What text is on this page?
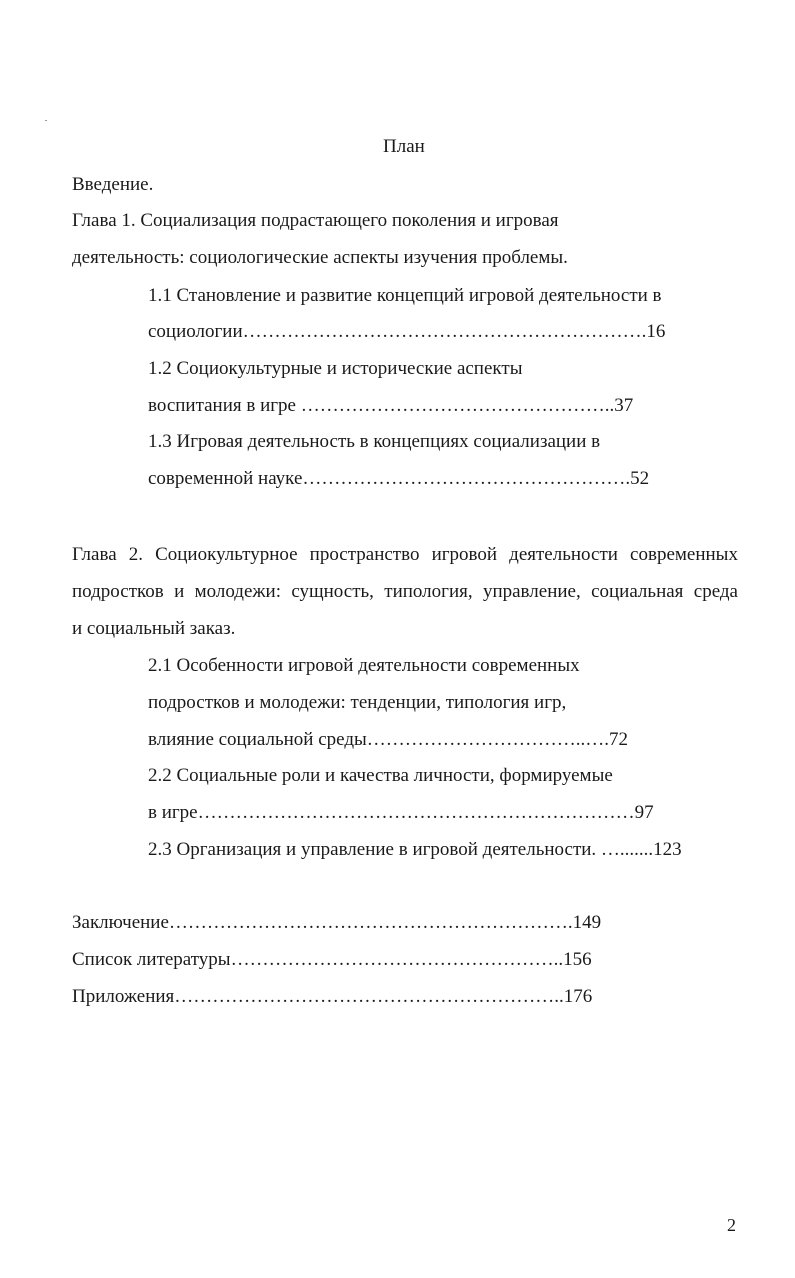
План
Введение.
Глава 1. Социализация подрастающего поколения и игровая
деятельность: социологические аспекты изучения проблемы.
1.1 Становление и развитие концепций игровой деятельности в
социологии……………………………………………………….16
1.2 Социокультурные и исторические аспекты
воспитания в игре …………………………………………..37
1.3 Игровая деятельность в концепциях социализации в
современной науке…………………………………………….52
Глава 2. Социокультурное пространство игровой деятельности современных
подростков и молодежи: сущность, типология, управление, социальная среда
и социальный заказ.
2.1 Особенности игровой деятельности современных
подростков и молодежи: тенденции, типология игр,
влияние социальной среды……………………………..….72
2.2 Социальные роли и качества личности, формируемые
в игре……………………………………………………………97
2.3 Организация и управление в игровой деятельности. ….......123
Заключение……………………………………………………….149
Список литературы……………………………………………..156
Приложения……………………………………………………..176
2
